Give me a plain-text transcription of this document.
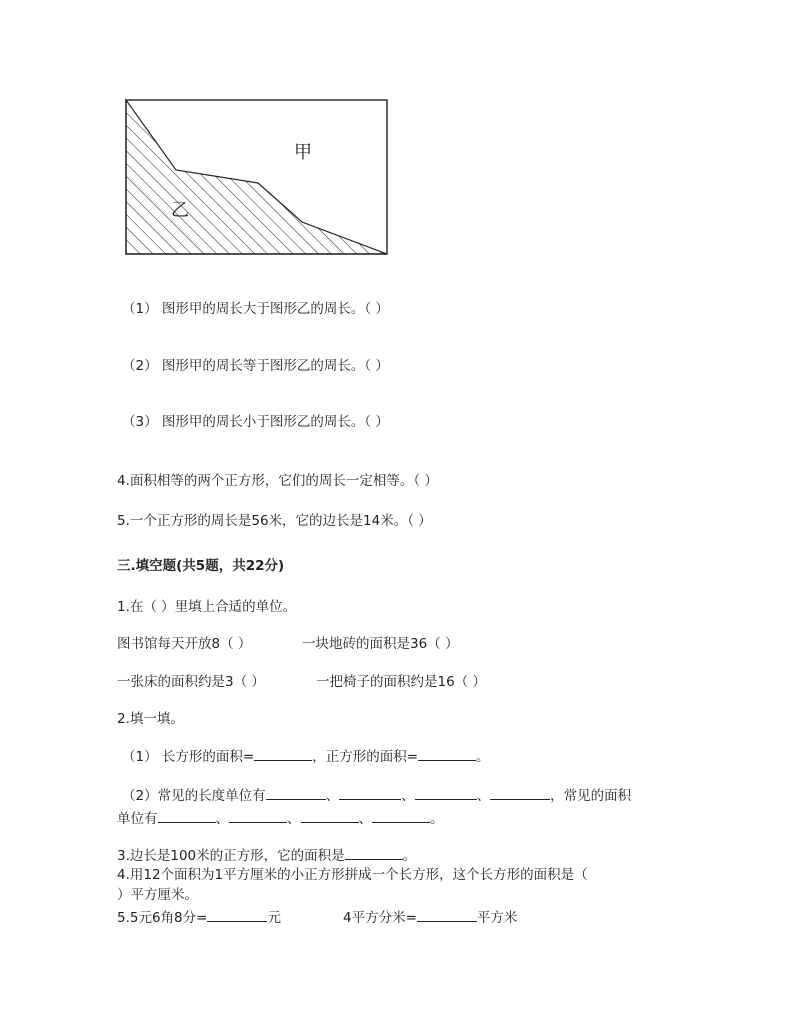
甲
乙
（1） 图形甲的周长大于图形乙的周长。（ ）
（2） 图形甲的周长等于图形乙的周长。（ ）
（3） 图形甲的周长小于图形乙的周长。（ ）
4.面积相等的两个正方形，它们的周长一定相等。（ ）
5.一个正方形的周长是56米，它的边长是14米。（ ）
三.填空题(共5题，共22分)
1.在（ ）里填上合适的单位。
图书馆每天开放8（ ）	一块地砖的面积是36（ ）
一张床的面积约是3（ ）	一把椅子的面积约是16（ ）
2.填一填。
（1） 长方形的面积=	，正方形的面积=	。
（2）常见的长度单位有	、	、	、	，常见的面积
单位有	、	、	、	。
3.边长是100米的正方形，它的面积是	。
4.用12个面积为1平方厘米的小正方形拼成一个长方形，这个长方形的面积是（
）平方厘米。
5.5元6角8分=	元	4平方分米=	平方米
